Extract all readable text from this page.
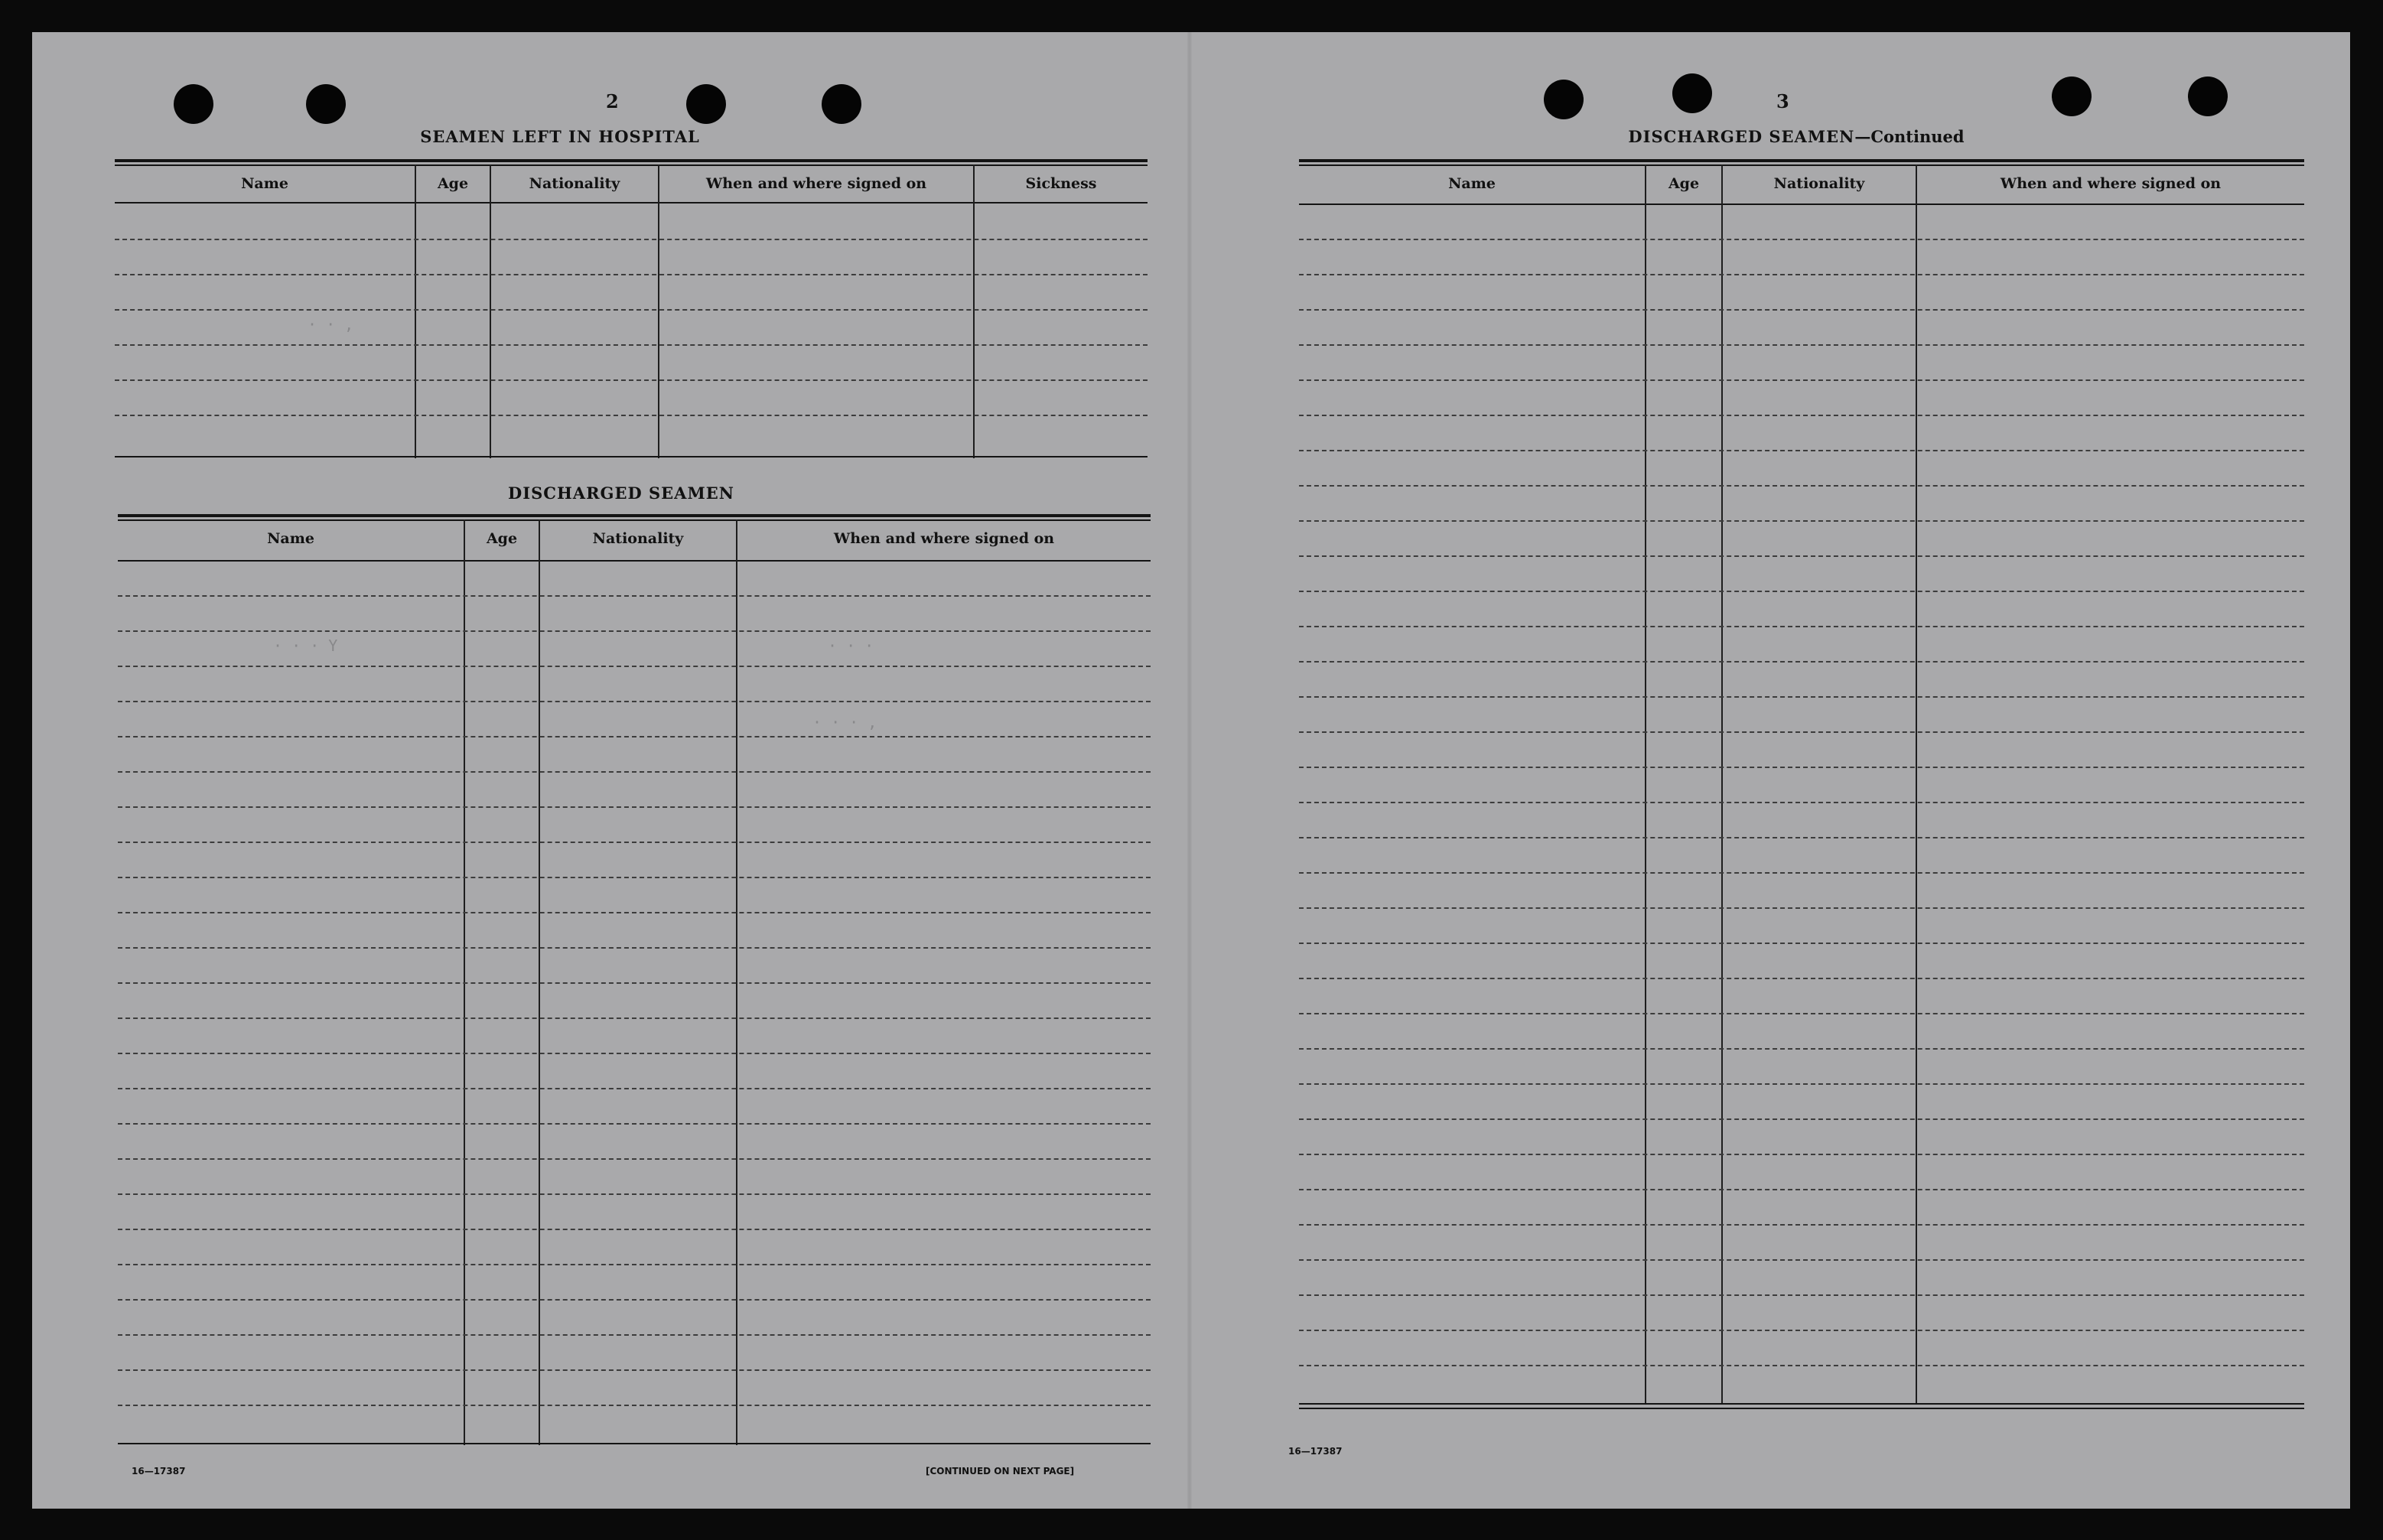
2
· · ,
· · · Y	· · ·
· · · ,
SEAMEN LEFT IN HOSPITAL
Name	Age	Nationality	When and where signed on	Sickness
DISCHARGED SEAMEN
Name	Age	Nationality	When and where signed on
16—17387	[CONTINUED ON NEXT PAGE]
3
DISCHARGED SEAMEN—Continued
Name	Age	Nationality	When and where signed on
16—17387
